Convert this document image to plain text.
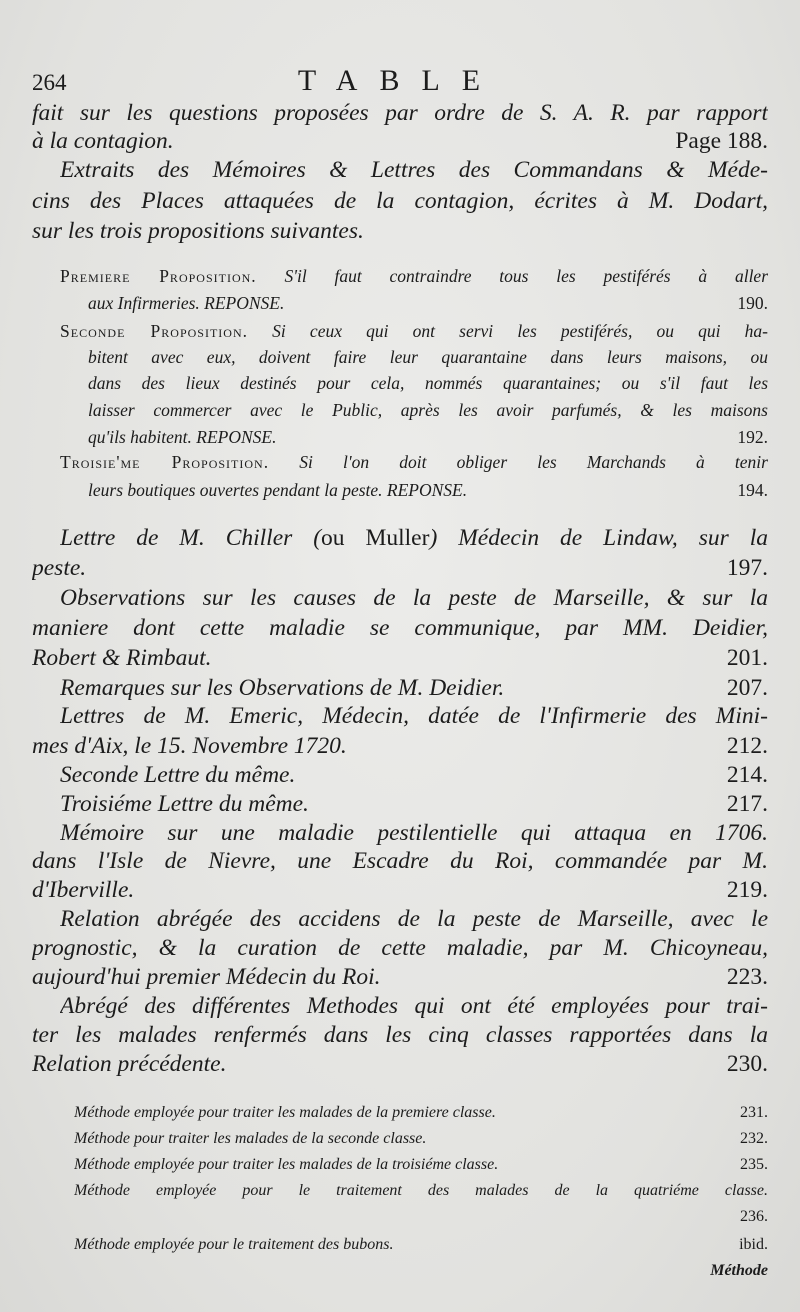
264	TABLE
fait sur les questions proposées par ordre de S. A. R. par rapport
à la contagion.	Page 188.
Extraits des Mémoires & Lettres des Commandans & Méde-
cins des Places attaquées de la contagion, écrites à M. Dodart,
sur les trois propositions suivantes.
Premiere Proposition. S'il faut contraindre tous les pestiférés à aller
aux Infirmeries. REPONSE.	190.
Seconde Proposition. Si ceux qui ont servi les pestiférés, ou qui ha-
bitent avec eux, doivent faire leur quarantaine dans leurs maisons, ou
dans des lieux destinés pour cela, nommés quarantaines; ou s'il faut les
laisser commercer avec le Public, après les avoir parfumés, & les maisons
qu'ils habitent. REPONSE.	192.
Troisie'me Proposition. Si l'on doit obliger les Marchands à tenir
leurs boutiques ouvertes pendant la peste. REPONSE.	194.
Lettre de M. Chiller (ou Muller) Médecin de Lindaw, sur la
peste.	197.
Observations sur les causes de la peste de Marseille, & sur la
maniere dont cette maladie se communique, par MM. Deidier,
Robert & Rimbaut.	201.
Remarques sur les Observations de M. Deidier.	207.
Lettres de M. Emeric, Médecin, datée de l'Infirmerie des Mini-
mes d'Aix, le 15. Novembre 1720.	212.
Seconde Lettre du même.	214.
Troisiéme Lettre du même.	217.
Mémoire sur une maladie pestilentielle qui attaqua en 1706.
dans l'Isle de Nievre, une Escadre du Roi, commandée par M.
d'Iberville.	219.
Relation abrégée des accidens de la peste de Marseille, avec le
prognostic, & la curation de cette maladie, par M. Chicoyneau,
aujourd'hui premier Médecin du Roi.	223.
Abrégé des différentes Methodes qui ont été employées pour trai-
ter les malades renfermés dans les cinq classes rapportées dans la
Relation précédente.	230.
Méthode employée pour traiter les malades de la premiere classe.	231.
Méthode pour traiter les malades de la seconde classe.	232.
Méthode employée pour traiter les malades de la troisiéme classe.	235.
Méthode employée pour le traitement des malades de la quatriéme classe.
236.
Méthode employée pour le traitement des bubons.	ibid.
Méthode
